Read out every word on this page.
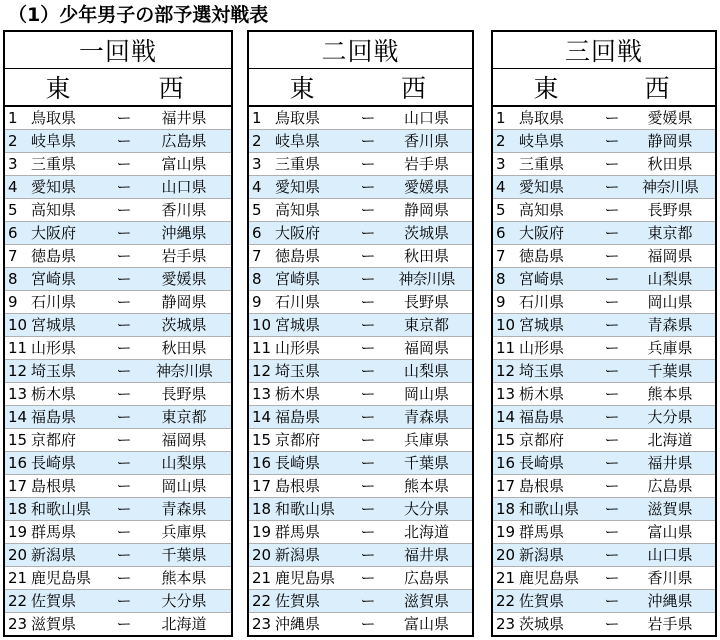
（1）少年男子の部予選対戦表
一回戦			
東		西	
1	鳥取県	ー	福井県
2	岐阜県	ー	広島県
3	三重県	ー	富山県
4	愛知県	ー	山口県
5	高知県	ー	香川県
6	大阪府	ー	沖縄県
7	徳島県	ー	岩手県
8	宮崎県	ー	愛媛県
9	石川県	ー	静岡県
10	宮城県	ー	茨城県
11	山形県	ー	秋田県
12	埼玉県	ー	神奈川県
13	栃木県	ー	長野県
14	福島県	ー	東京都
15	京都府	ー	福岡県
16	長崎県	ー	山梨県
17	島根県	ー	岡山県
18	和歌山県	ー	青森県
19	群馬県	ー	兵庫県
20	新潟県	ー	千葉県
21	鹿児島県	ー	熊本県
22	佐賀県	ー	大分県
23	滋賀県	ー	北海道
二回戦			
東		西	
1	鳥取県	ー	山口県
2	岐阜県	ー	香川県
3	三重県	ー	岩手県
4	愛知県	ー	愛媛県
5	高知県	ー	静岡県
6	大阪府	ー	茨城県
7	徳島県	ー	秋田県
8	宮崎県	ー	神奈川県
9	石川県	ー	長野県
10	宮城県	ー	東京都
11	山形県	ー	福岡県
12	埼玉県	ー	山梨県
13	栃木県	ー	岡山県
14	福島県	ー	青森県
15	京都府	ー	兵庫県
16	長崎県	ー	千葉県
17	島根県	ー	熊本県
18	和歌山県	ー	大分県
19	群馬県	ー	北海道
20	新潟県	ー	福井県
21	鹿児島県	ー	広島県
22	佐賀県	ー	滋賀県
23	沖縄県	ー	富山県
三回戦			
東		西	
1	鳥取県	ー	愛媛県
2	岐阜県	ー	静岡県
3	三重県	ー	秋田県
4	愛知県	ー	神奈川県
5	高知県	ー	長野県
6	大阪府	ー	東京都
7	徳島県	ー	福岡県
8	宮崎県	ー	山梨県
9	石川県	ー	岡山県
10	宮城県	ー	青森県
11	山形県	ー	兵庫県
12	埼玉県	ー	千葉県
13	栃木県	ー	熊本県
14	福島県	ー	大分県
15	京都府	ー	北海道
16	長崎県	ー	福井県
17	島根県	ー	広島県
18	和歌山県	ー	滋賀県
19	群馬県	ー	富山県
20	新潟県	ー	山口県
21	鹿児島県	ー	香川県
22	佐賀県	ー	沖縄県
23	茨城県	ー	岩手県
